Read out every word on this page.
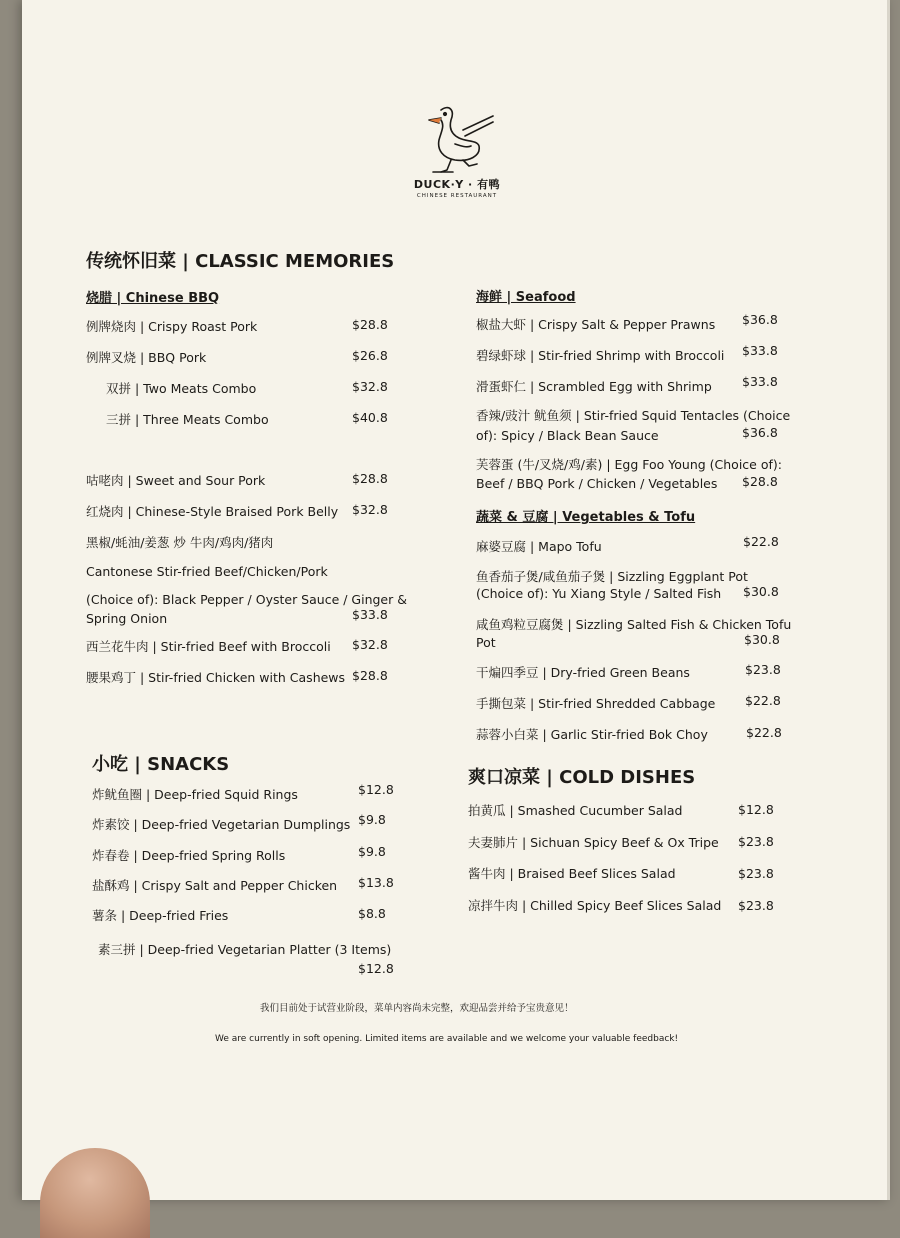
DUCK·Y · 有鸭
CHINESE RESTAURANT
传统怀旧菜 | CLASSIC MEMORIES
烧腊 | Chinese BBQ
例牌烧肉 | Crispy Roast Pork	$28.8
例牌叉烧 | BBQ Pork	$26.8
双拼 | Two Meats Combo	$32.8
三拼 | Three Meats Combo	$40.8
咕咾肉 | Sweet and Sour Pork	$28.8
红烧肉 | Chinese-Style Braised Pork Belly $32.8
黑椒/蚝油/姜葱 炒 牛肉/鸡肉/猪肉
Cantonese Stir-fried Beef/Chicken/Pork
(Choice of): Black Pepper / Oyster Sauce / Ginger &
Spring Onion	$33.8
西兰花牛肉 | Stir-fried Beef with Broccoli $32.8
腰果鸡丁 | Stir-fried Chicken with Cashews $28.8
小吃 | SNACKS
炸鱿鱼圈 | Deep-fried Squid Rings	$12.8
炸素饺 | Deep-fried Vegetarian Dumplings $9.8
炸春卷 | Deep-fried Spring Rolls	$9.8
盐酥鸡 | Crispy Salt and Pepper Chicken $13.8
薯条 | Deep-fried Fries	$8.8
素三拼 | Deep-fried Vegetarian Platter (3 Items)
$12.8
海鲜 | Seafood
椒盐大虾 | Crispy Salt & Pepper Prawns $36.8
碧绿虾球 | Stir-fried Shrimp with Broccoli $33.8
滑蛋虾仁 | Scrambled Egg with Shrimp $33.8
香辣/豉汁 鱿鱼须 | Stir-fried Squid Tentacles (Choice
of): Spicy / Black Bean Sauce	$36.8
芙蓉蛋 (牛/叉烧/鸡/素) | Egg Foo Young (Choice of):
Beef / BBQ Pork / Chicken / Vegetables $28.8
蔬菜 & 豆腐 | Vegetables & Tofu
麻婆豆腐 | Mapo Tofu	$22.8
鱼香茄子煲/咸鱼茄子煲 | Sizzling Eggplant Pot
(Choice of): Yu Xiang Style / Salted Fish $30.8
咸鱼鸡粒豆腐煲 | Sizzling Salted Fish & Chicken Tofu
Pot	$30.8
干煸四季豆 | Dry-fried Green Beans	$23.8
手撕包菜 | Stir-fried Shredded Cabbage $22.8
蒜蓉小白菜 | Garlic Stir-fried Bok Choy	$22.8
爽口凉菜 | COLD DISHES
拍黄瓜 | Smashed Cucumber Salad	$12.8
夫妻肺片 | Sichuan Spicy Beef & Ox Tripe $23.8
酱牛肉 | Braised Beef Slices Salad	$23.8
凉拌牛肉 | Chilled Spicy Beef Slices Salad $23.8
我们目前处于试营业阶段，菜单内容尚未完整，欢迎品尝并给予宝贵意见！
We are currently in soft opening. Limited items are available and we welcome your valuable feedback!
